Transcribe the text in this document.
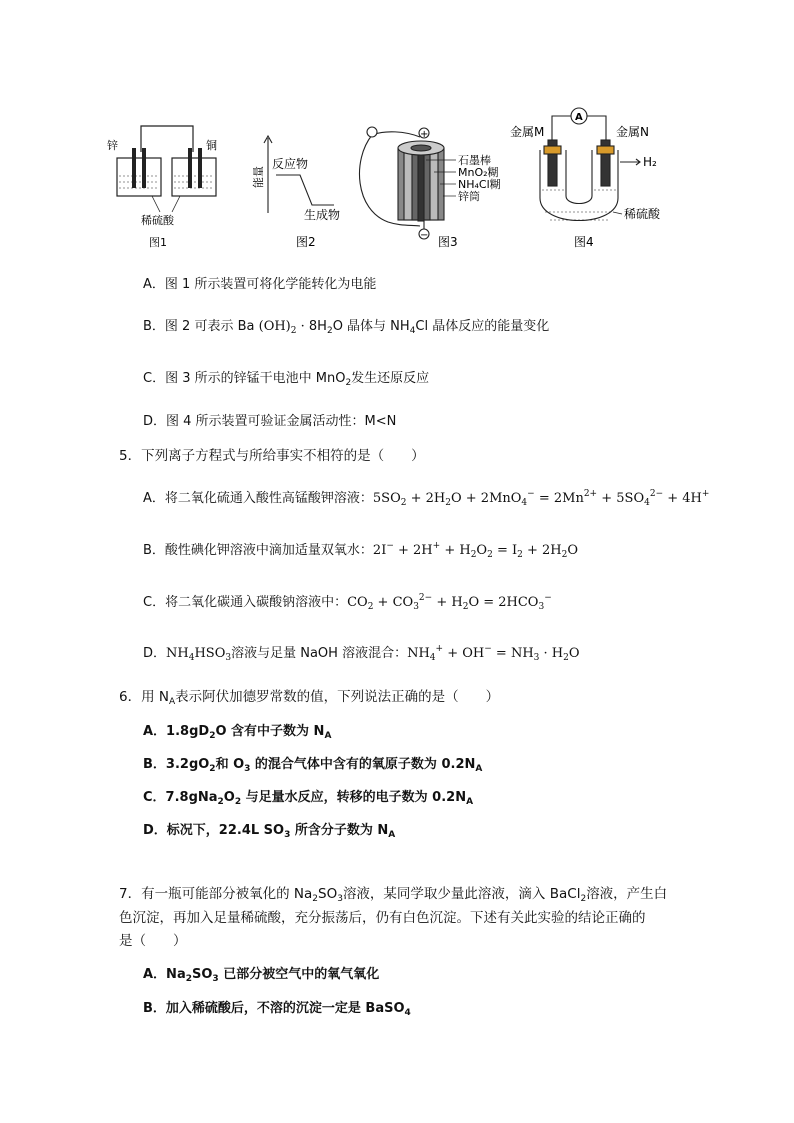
锌	铜
稀硫酸
图1
能量
反应物
生成物
图2
+
−
石墨棒
MnO₂糊
NH₄Cl糊
锌筒
图3
A
金属M	金属N
H₂
稀硫酸
图4
A．图 1 所示装置可将化学能转化为电能
B．图 2 可表示 Ba $(OH)_2 \cdot 8H_2O$ 晶体与 $NH_4Cl$ 晶体反应的能量变化
C．图 3 所示的锌锰干电池中 MnO$_2$发生还原反应
D．图 4 所示装置可验证金属活动性：M<N
5．下列离子方程式与所给事实不相符的是（　　）
A．将二氧化硫通入酸性高锰酸钾溶液：$5SO_2 + 2H_2O + 2MnO_4^- = 2Mn^{2+} + 5SO_4^{2-} + 4H^+$
B．酸性碘化钾溶液中滴加适量双氧水：$2I^- + 2H^+ + H_2O_2 = I_2 + 2H_2O$
C．将二氧化碳通入碳酸钠溶液中：$CO_2 + CO_3^{2-} + H_2O = 2HCO_3^-$
D．$NH_4HSO_3$溶液与足量 NaOH 溶液混合：$NH_4^+ + OH^- = NH_3 \cdot H_2O$
6．用 $N_A$表示阿伏加德罗常数的值，下列说法正确的是（　　）
A．$1.8gD_2O$ 含有中子数为 $N_A$
B．$3.2gO_2$和 $O_3$ 的混合气体中含有的氧原子数为 $0.2N_A$
C．$7.8gNa_2O_2$ 与足量水反应，转移的电子数为 $0.2N_A$
D．标况下，22.4L $SO_3$ 所含分子数为 $N_A$
7．有一瓶可能部分被氧化的 $Na_2SO_3$溶液，某同学取少量此溶液，滴入 BaCl$_2$溶液，产生白
色沉淀，再加入足量稀硫酸，充分振荡后，仍有白色沉淀。下述有关此实验的结论正确的
是（　　）
A．$Na_2SO_3$ 已部分被空气中的氧气氧化
B．加入稀硫酸后，不溶的沉淀一定是 BaSO$_4$
